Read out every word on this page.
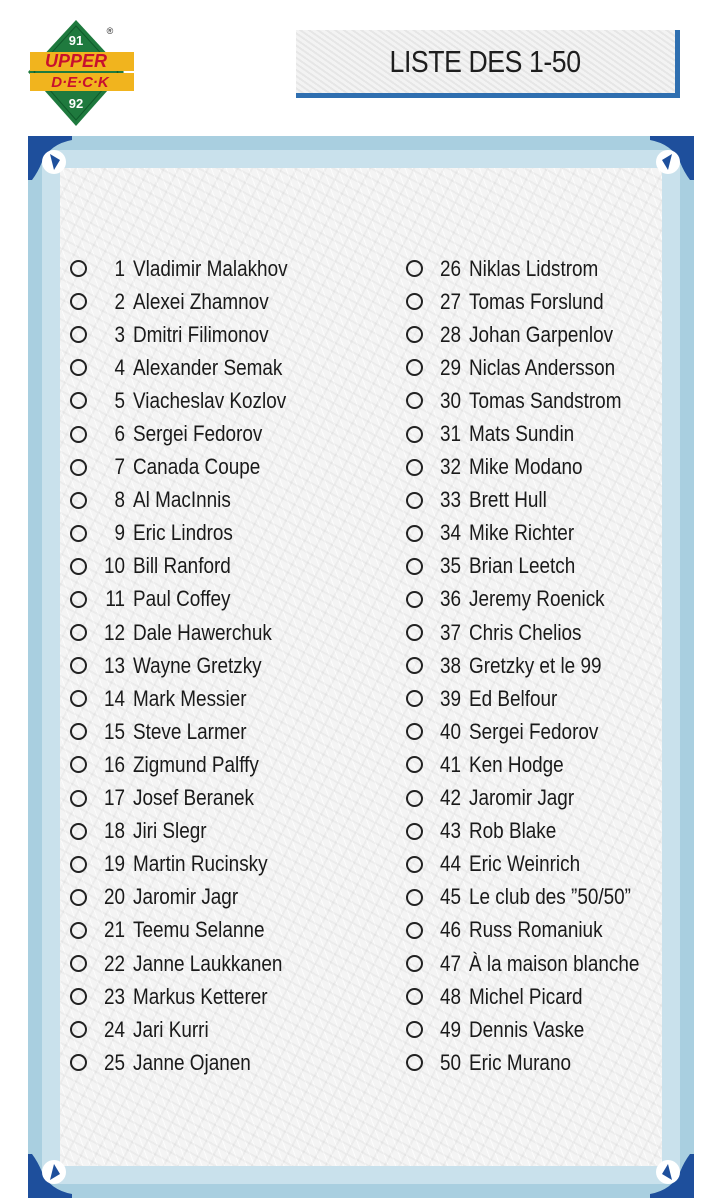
UPPER
D·E·C·K
91
92
®
LISTE DES 1-50
1 Vladimir Malakhov
2 Alexei Zhamnov
3 Dmitri Filimonov
4 Alexander Semak
5 Viacheslav Kozlov
6 Sergei Fedorov
7 Canada Coupe
8 Al MacInnis
9 Eric Lindros
10 Bill Ranford
11 Paul Coffey
12 Dale Hawerchuk
13 Wayne Gretzky
14 Mark Messier
15 Steve Larmer
16 Zigmund Palffy
17 Josef Beranek
18 Jiri Slegr
19 Martin Rucinsky
20 Jaromir Jagr
21 Teemu Selanne
22 Janne Laukkanen
23 Markus Ketterer
24 Jari Kurri
25 Janne Ojanen
26 Niklas Lidstrom
27 Tomas Forslund
28 Johan Garpenlov
29 Niclas Andersson
30 Tomas Sandstrom
31 Mats Sundin
32 Mike Modano
33 Brett Hull
34 Mike Richter
35 Brian Leetch
36 Jeremy Roenick
37 Chris Chelios
38 Gretzky et le 99
39 Ed Belfour
40 Sergei Fedorov
41 Ken Hodge
42 Jaromir Jagr
43 Rob Blake
44 Eric Weinrich
45 Le club des ”50/50”
46 Russ Romaniuk
47 À la maison blanche
48 Michel Picard
49 Dennis Vaske
50 Eric Murano
